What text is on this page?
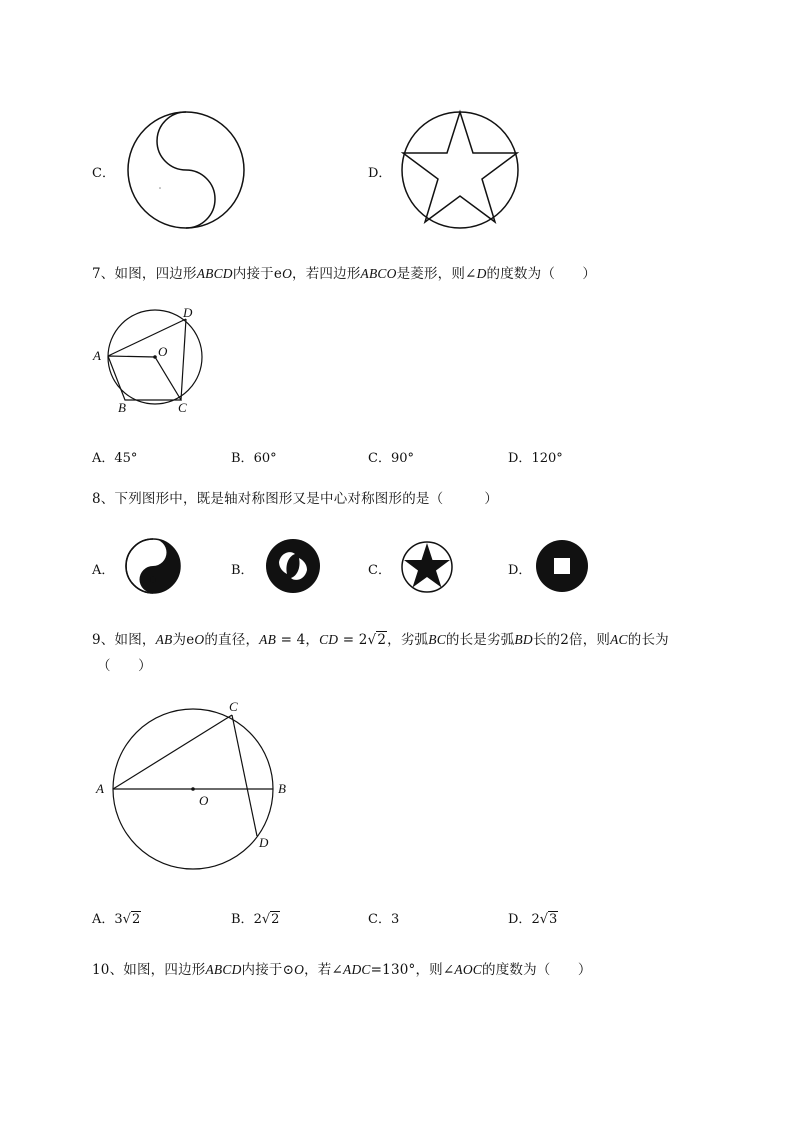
C．	D．
7、如图，四边形ABCD内接于eO，若四边形ABCO是菱形，则∠D的度数为（　　）
A
B	C
D
O
A．45°	B．60°	C．90°	D．120°
8、下列图形中，既是轴对称图形又是中心对称图形的是（　　　）
A．	B．	C．	D．
9、如图，AB为eO的直径，AB = 4，CD = 2√2，劣弧BC的长是劣弧BD长的2倍，则AC的长为
（　　）
A	B
C
D
O
A．3√2	B．2√2	C．3	D．2√3
10、如图，四边形ABCD内接于⊙O，若∠ADC=130°，则∠AOC的度数为（　　）
